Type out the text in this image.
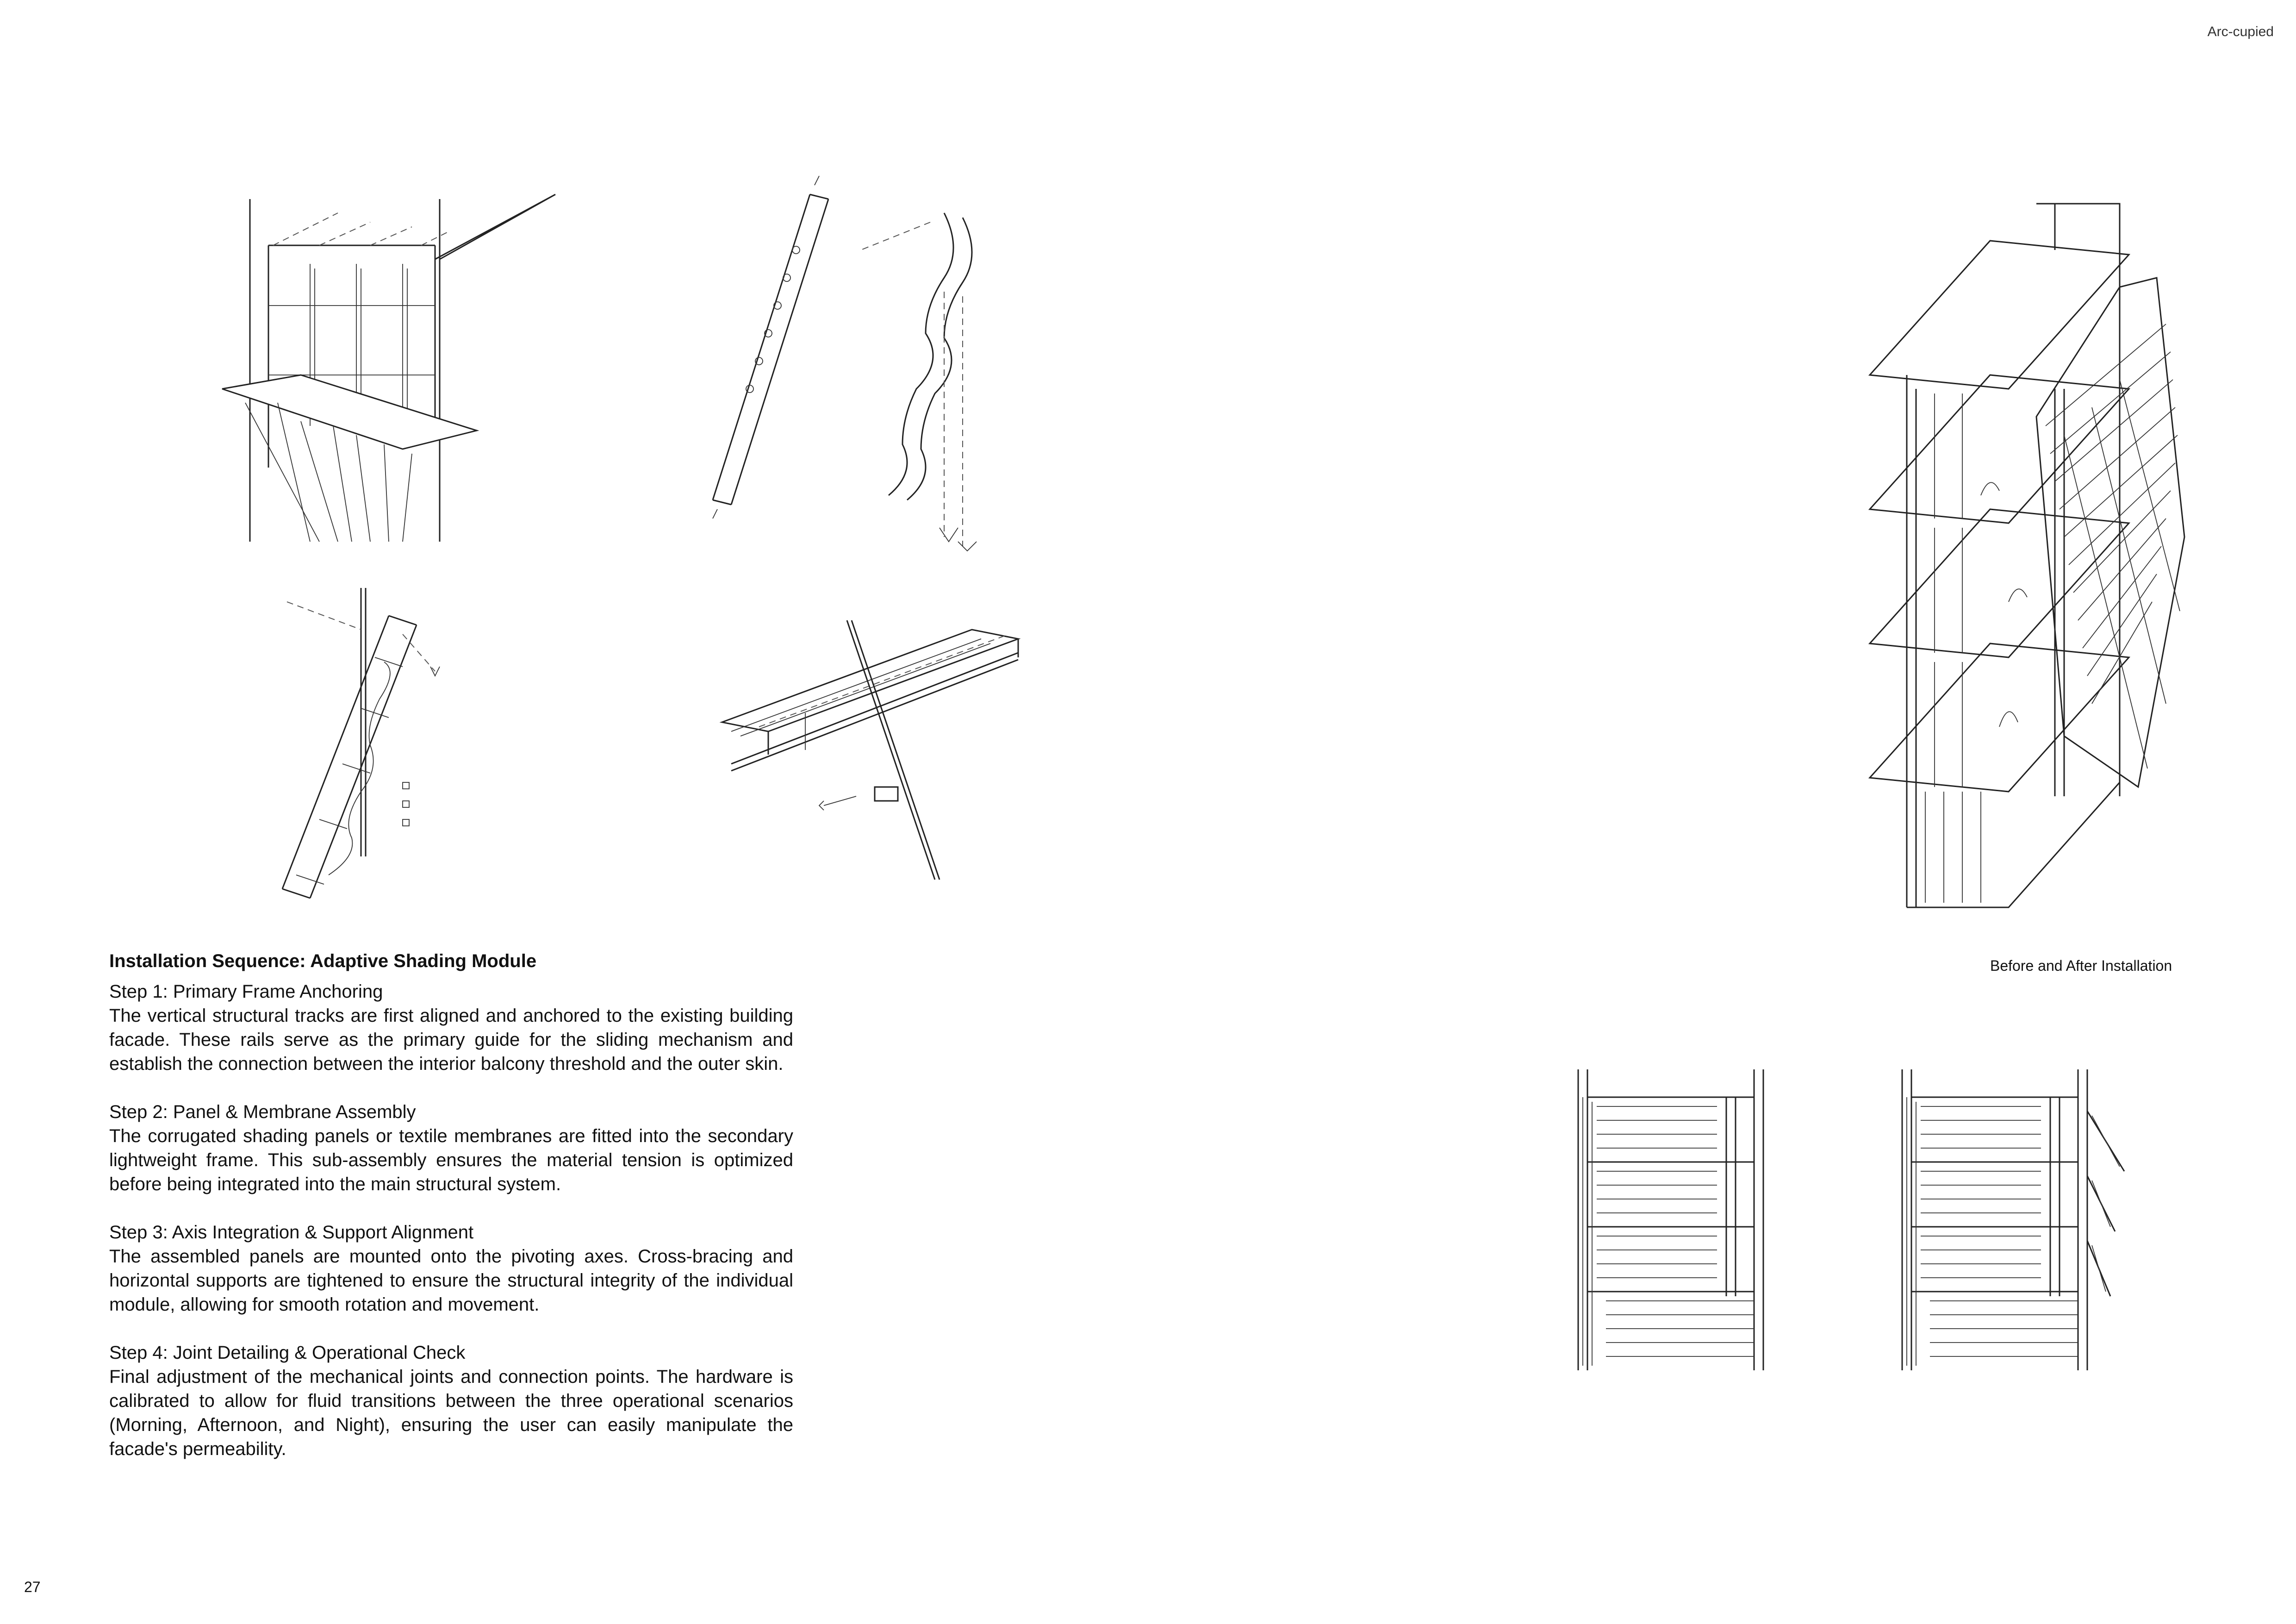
Arc-cupied
27
Before and After Installation
Installation Sequence: Adaptive Shading Module
Step 1: Primary Frame Anchoring
The vertical structural tracks are first aligned and anchored to the existing building facade. These rails serve as the primary guide for the sliding mechanism and establish the connection between the interior balcony threshold and the outer skin.
Step 2: Panel & Membrane Assembly
The corrugated shading panels or textile membranes are fitted into the secondary lightweight frame. This sub-assembly ensures the material tension is optimized before being integrated into the main structural system.
Step 3: Axis Integration & Support Alignment
The assembled panels are mounted onto the pivoting axes. Cross-bracing and horizontal supports are tightened to ensure the structural integrity of the individual module, allowing for smooth rotation and movement.
Step 4: Joint Detailing & Operational Check
Final adjustment of the mechanical joints and connection points. The hardware is calibrated to allow for fluid transitions between the three operational scenarios (Morning, Afternoon, and Night), ensuring the user can easily manipulate the facade's permeability.
